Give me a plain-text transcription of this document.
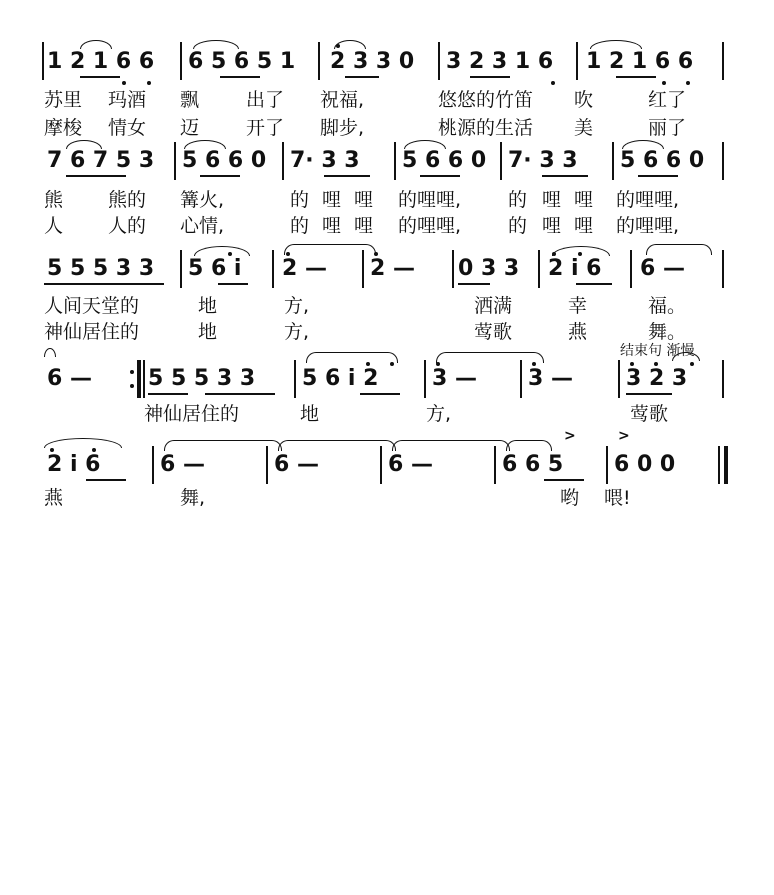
1 2 1 6 6 6 5 6 5 1 2 3 3 0 3 2 3 1 6 1 2 1 6 6
苏里 玛酒 飘 出了 祝福,	悠悠的竹笛 吹	红了
摩梭 情女 迈 开了 脚步,	桃源的生活 美	丽了
7 6 7 5 3 5 6 6 0 7· 3 3 5 6 6 0 7· 3 3 5 6 6 0
熊 熊的 篝火,	的 哩 哩 的哩哩, 的 哩 哩 的哩哩,
人 人的 心情,	的 哩 哩 的哩哩, 的 哩 哩 的哩哩,
5 5 5 3 3 5 6 i 2 — 2 — 0 3 3 2 i 6 6 —
人间天堂的	地	方,	洒满	幸	福。
神仙居住的	地	方,	莺歌	燕	舞。
6 —	5 5 5 3 3 5 6 i 2 3 — 3 — 3 2 3
结束句 渐慢
神仙居住的	地	方,	莺歌
2 i 6	6 —	6 —	6 —	6 6 5 6 0 0
>	>
燕	舞,	哟 喂!
